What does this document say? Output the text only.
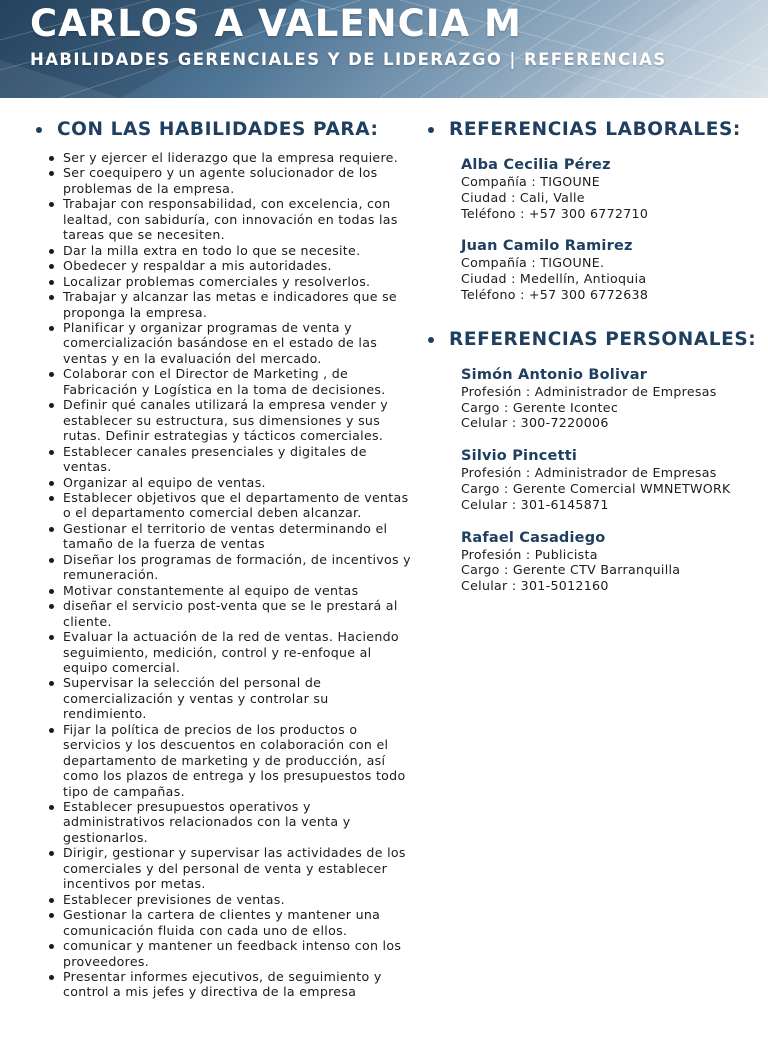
CARLOS A VALENCIA M
HABILIDADES GERENCIALES Y DE LIDERAZGO | REFERENCIAS
CON LAS HABILIDADES PARA:
Ser y ejercer el liderazgo que la empresa requiere.
Ser coequipero y un agente solucionador de los problemas de la empresa.
Trabajar con responsabilidad, con excelencia, con lealtad, con sabiduría, con innovación en todas las tareas que se necesiten.
Dar la milla extra en todo lo que se necesite.
Obedecer y respaldar a mis autoridades.
Localizar problemas comerciales y resolverlos.
Trabajar y alcanzar las metas e indicadores que se proponga la empresa.
Planificar y organizar programas de venta y comercialización basándose en el estado de las ventas y en la evaluación del mercado.
Colaborar con el Director de Marketing , de Fabricación y Logística en la toma de decisiones.
Definir qué canales utilizará la empresa vender y establecer su estructura, sus dimensiones y sus rutas. Definir estrategias y tácticos comerciales.
Establecer canales presenciales y digitales de ventas.
Organizar al equipo de ventas.
Establecer objetivos que el departamento de ventas o el departamento comercial deben alcanzar.
Gestionar el territorio de ventas determinando el tamaño de la fuerza de ventas
Diseñar los programas de formación, de incentivos y remuneración.
Motivar constantemente al equipo de ventas
diseñar el servicio post-venta que se le prestará al cliente.
Evaluar la actuación de la red de ventas. Haciendo seguimiento, medición, control y re-enfoque al equipo comercial.
Supervisar la selección del personal de comercialización y ventas y controlar su rendimiento.
Fijar la política de precios de los productos o servicios y los descuentos en colaboración con el departamento de marketing y de producción, así como los plazos de entrega y los presupuestos todo tipo de campañas.
Establecer presupuestos operativos y administrativos relacionados con la venta y gestionarlos.
Dirigir, gestionar y supervisar las actividades de los comerciales y del personal de venta y establecer incentivos por metas.
Establecer previsiones de ventas.
Gestionar la cartera de clientes y mantener una comunicación fluida con cada uno de ellos.
comunicar y mantener un feedback intenso con los proveedores.
Presentar informes ejecutivos, de seguimiento y control a mis jefes y directiva de la empresa
REFERENCIAS LABORALES:
Alba Cecilia Pérez
Compañía : TIGOUNE
Ciudad : Cali, Valle
Teléfono : +57 300 6772710
Juan Camilo Ramirez
Compañía : TIGOUNE.
Ciudad : Medellín, Antioquia
Teléfono : +57 300 6772638
REFERENCIAS PERSONALES:
Simón Antonio Bolivar
Profesión : Administrador de Empresas
Cargo : Gerente Icontec
Celular : 300-7220006
Silvio Pincetti
Profesión : Administrador de Empresas
Cargo : Gerente Comercial WMNETWORK
Celular : 301-6145871
Rafael Casadiego
Profesión : Publicista
Cargo : Gerente CTV Barranquilla
Celular : 301-5012160
